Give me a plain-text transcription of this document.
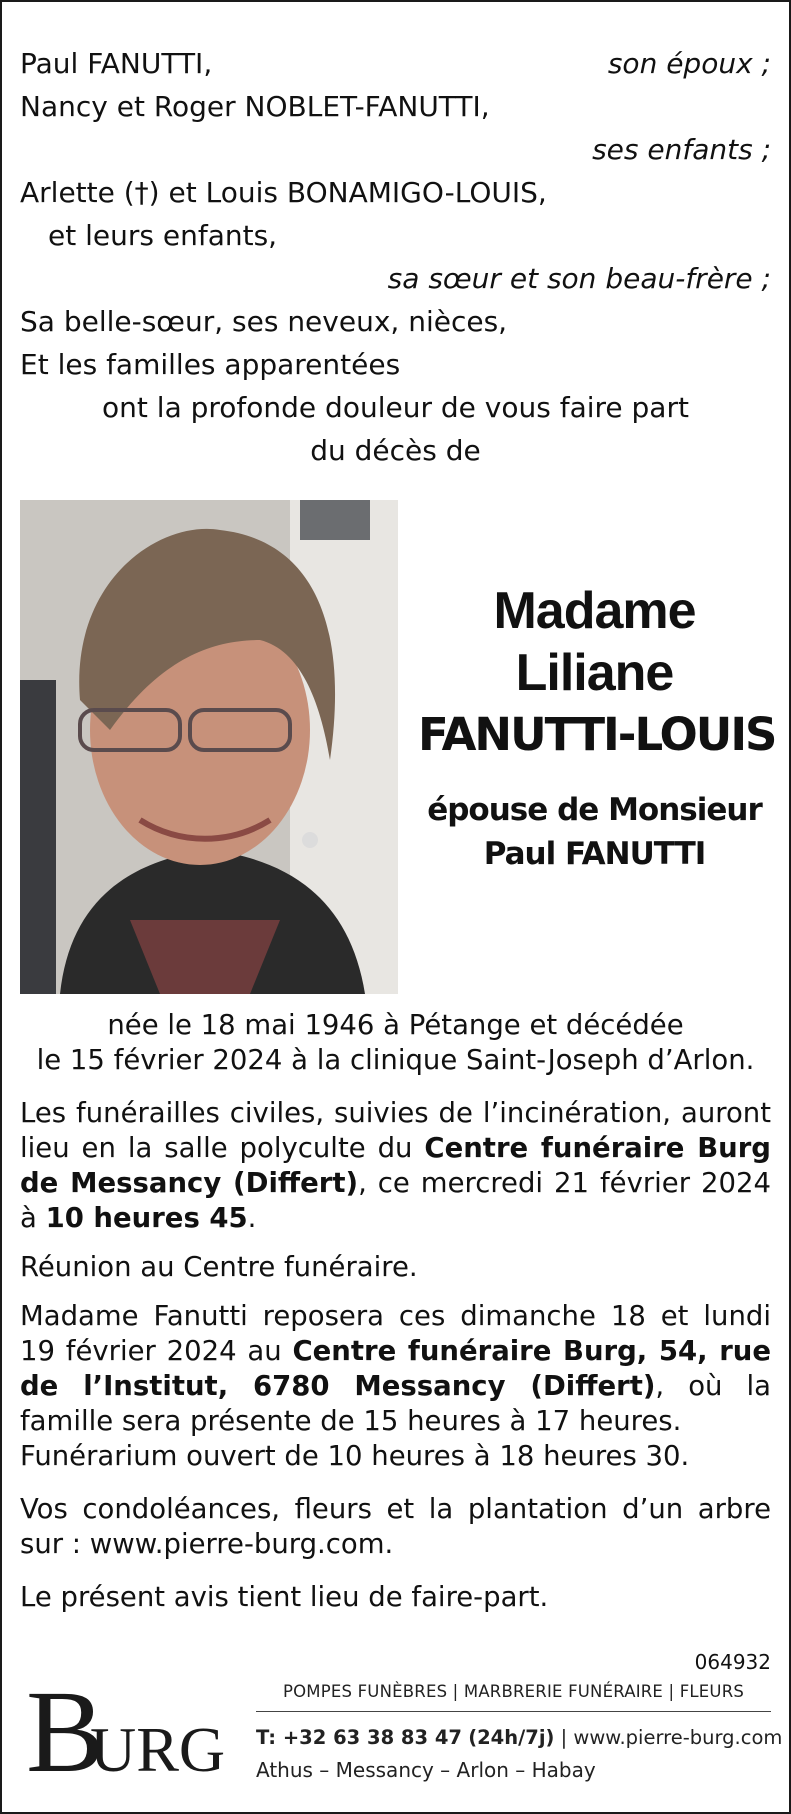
Paul FANUTTI,	son époux ;
Nancy et Roger NOBLET-FANUTTI,
ses enfants ;
Arlette (†) et Louis BONAMIGO-LOUIS,
et leurs enfants,
sa sœur et son beau-frère ;
Sa belle-sœur, ses neveux, nièces,
Et les familles apparentées
ont la profonde douleur de vous faire part
du décès de
Madame
Liliane
FANUTTI-LOUIS
épouse de Monsieur
Paul FANUTTI
née le 18 mai 1946 à Pétange et décédée
le 15 février 2024 à la clinique Saint-Joseph d’Arlon.
Les funérailles civiles, suivies de l’incinération, auront lieu en la salle polyculte du Centre funéraire Burg de Messancy (Differt), ce mercredi 21 février 2024 à 10 heures 45.
Réunion au Centre funéraire.
Madame Fanutti reposera ces dimanche 18 et lundi 19 février 2024 au Centre funéraire Burg, 54, rue de l’Institut, 6780 Messancy (Differt), où la famille sera présente de 15 heures à 17 heures.
Funérarium ouvert de 10 heures à 18 heures 30.
Vos condoléances, fleurs et la plantation d’un arbre sur : www.pierre-burg.com.
Le présent avis tient lieu de faire-part.
064932
B
URG
POMPES FUNÈBRES | MARBRERIE FUNÉRAIRE | FLEURS
T: +32 63 38 83 47 (24h/7j) | www.pierre-burg.com
Athus – Messancy – Arlon – Habay
